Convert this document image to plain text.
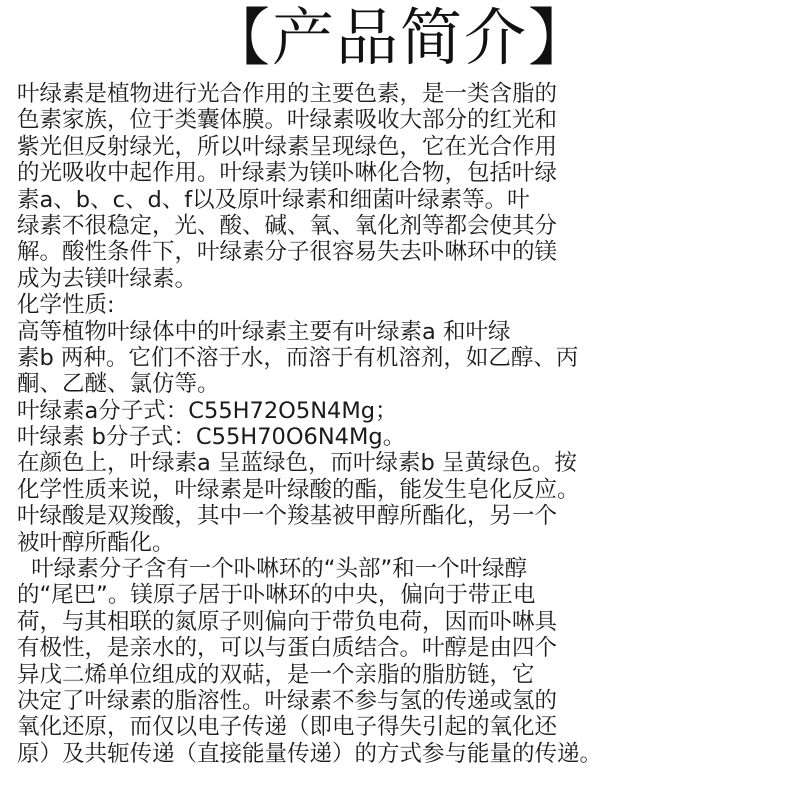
【产品简介】
叶绿素是植物进行光合作用的主要色素，是一类含脂的
色素家族，位于类囊体膜。叶绿素吸收大部分的红光和
紫光但反射绿光，所以叶绿素呈现绿色，它在光合作用
的光吸收中起作用。叶绿素为镁卟啉化合物，包括叶绿
素a、b、c、d、f以及原叶绿素和细菌叶绿素等。叶
绿素不很稳定，光、酸、碱、氧、氧化剂等都会使其分
解。酸性条件下，叶绿素分子很容易失去卟啉环中的镁
成为去镁叶绿素。
化学性质:
高等植物叶绿体中的叶绿素主要有叶绿素a 和叶绿
素b 两种。它们不溶于水，而溶于有机溶剂，如乙醇、丙
酮、乙醚、氯仿等。
叶绿素a分子式：C55H72O5N4Mg；
叶绿素 b分子式：C55H70O6N4Mg。
在颜色上，叶绿素a 呈蓝绿色，而叶绿素b 呈黄绿色。按
化学性质来说，叶绿素是叶绿酸的酯，能发生皂化反应。
叶绿酸是双羧酸，其中一个羧基被甲醇所酯化，另一个
被叶醇所酯化。
叶绿素分子含有一个卟啉环的“头部”和一个叶绿醇
的“尾巴”。镁原子居于卟啉环的中央，偏向于带正电
荷，与其相联的氮原子则偏向于带负电荷，因而卟啉具
有极性，是亲水的，可以与蛋白质结合。叶醇是由四个
异戊二烯单位组成的双萜，是一个亲脂的脂肪链，它
决定了叶绿素的脂溶性。叶绿素不参与氢的传递或氢的
氧化还原，而仅以电子传递（即电子得失引起的氧化还
原）及共轭传递（直接能量传递）的方式参与能量的传递。
